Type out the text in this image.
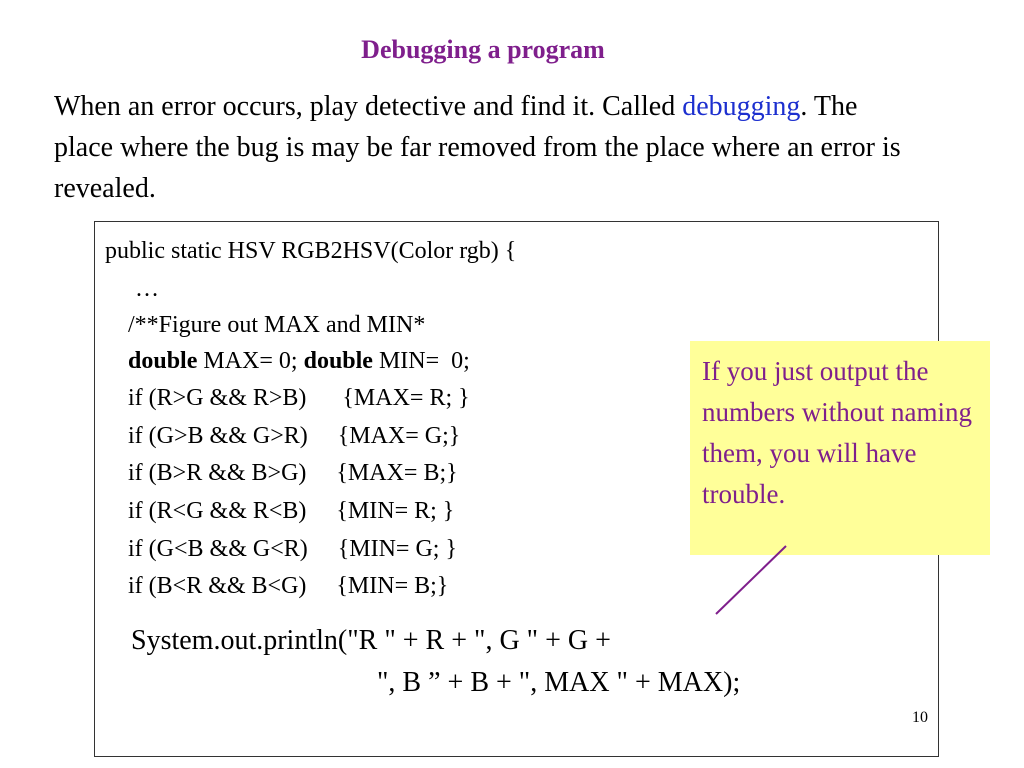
Debugging a program
When an error occurs, play detective and find it. Called debugging. The place where the bug is may be far removed from the place where an error is revealed.
public static HSV RGB2HSV(Color rgb) {
…
/**Figure out MAX and MIN*
double MAX= 0; double MIN=  0;
if (R>G && R>B)      {MAX= R; }
if (G>B && G>R)     {MAX= G;}
if (B>R && B>G)     {MAX= B;}
if (R<G && R<B)     {MIN= R; }
if (G<B && G<R)     {MIN= G; }
if (B<R && B<G)     {MIN= B;}
System.out.println("R " + R + ", G " + G +
", B ” + B + ", MAX " + MAX);
10
If you just output the numbers without naming them, you will have trouble.
